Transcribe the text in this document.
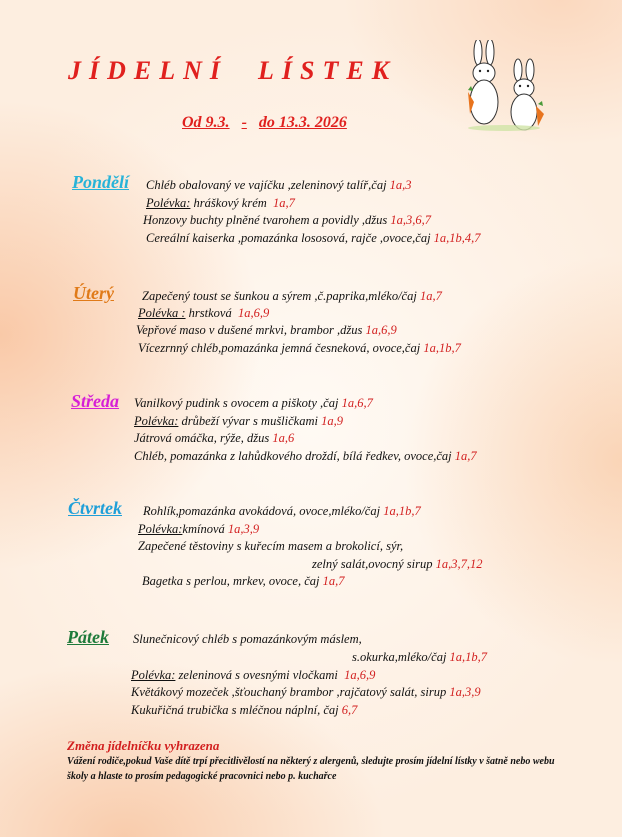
JÍDELNÍ LÍSTEK
Od 9.3. - do 13.3. 2026
Pondělí Chléb obalovaný ve vajíčku ,zeleninový talíř,čaj 1a,3
Polévka: hráškový krém 1a,7
Honzovy buchty plněné tvarohem a povidly ,džus 1a,3,6,7
Cereální kaiserka ,pomazánka lososová, rajče ,ovoce,čaj 1a,1b,4,7
Úterý Zapečený toust se šunkou a sýrem ,č.paprika,mléko/čaj 1a,7
Polévka : hrstková 1a,6,9
Vepřové maso v dušené mrkvi, brambor ,džus 1a,6,9
Vícezrnný chléb,pomazánka jemná česneková, ovoce,čaj 1a,1b,7
Středa Vanilkový pudink s ovocem a piškoty ,čaj 1a,6,7
Polévka: drůbeží vývar s mušličkami 1a,9
Játrová omáčka, rýže, džus 1a,6
Chléb, pomazánka z lahůdkového droždí, bílá ředkev, ovoce,čaj 1a,7
Čtvrtek Rohlík,pomazánka avokádová, ovoce,mléko/čaj 1a,1b,7
Polévka:kmínová 1a,3,9
Zapečené těstoviny s kuřecím masem a brokolicí, sýr,
zelný salát,ovocný sirup 1a,3,7,12
Bagetka s perlou, mrkev, ovoce, čaj 1a,7
Pátek Slunečnicový chléb s pomazánkovým máslem,
s.okurka,mléko/čaj 1a,1b,7
Polévka: zeleninová s ovesnými vločkami 1a,6,9
Květákový mozeček ,šťouchaný brambor ,rajčatový salát, sirup 1a,3,9
Kukuřičná trubička s mléčnou náplní, čaj 6,7
Změna jídelníčku vyhrazena
Vážení rodiče,pokud Vaše dítě trpí přecitlivělostí na některý z alergenů, sledujte prosím jídelní lístky v šatně nebo webu školy a hlaste to prosím pedagogické pracovnici nebo p. kuchařce
